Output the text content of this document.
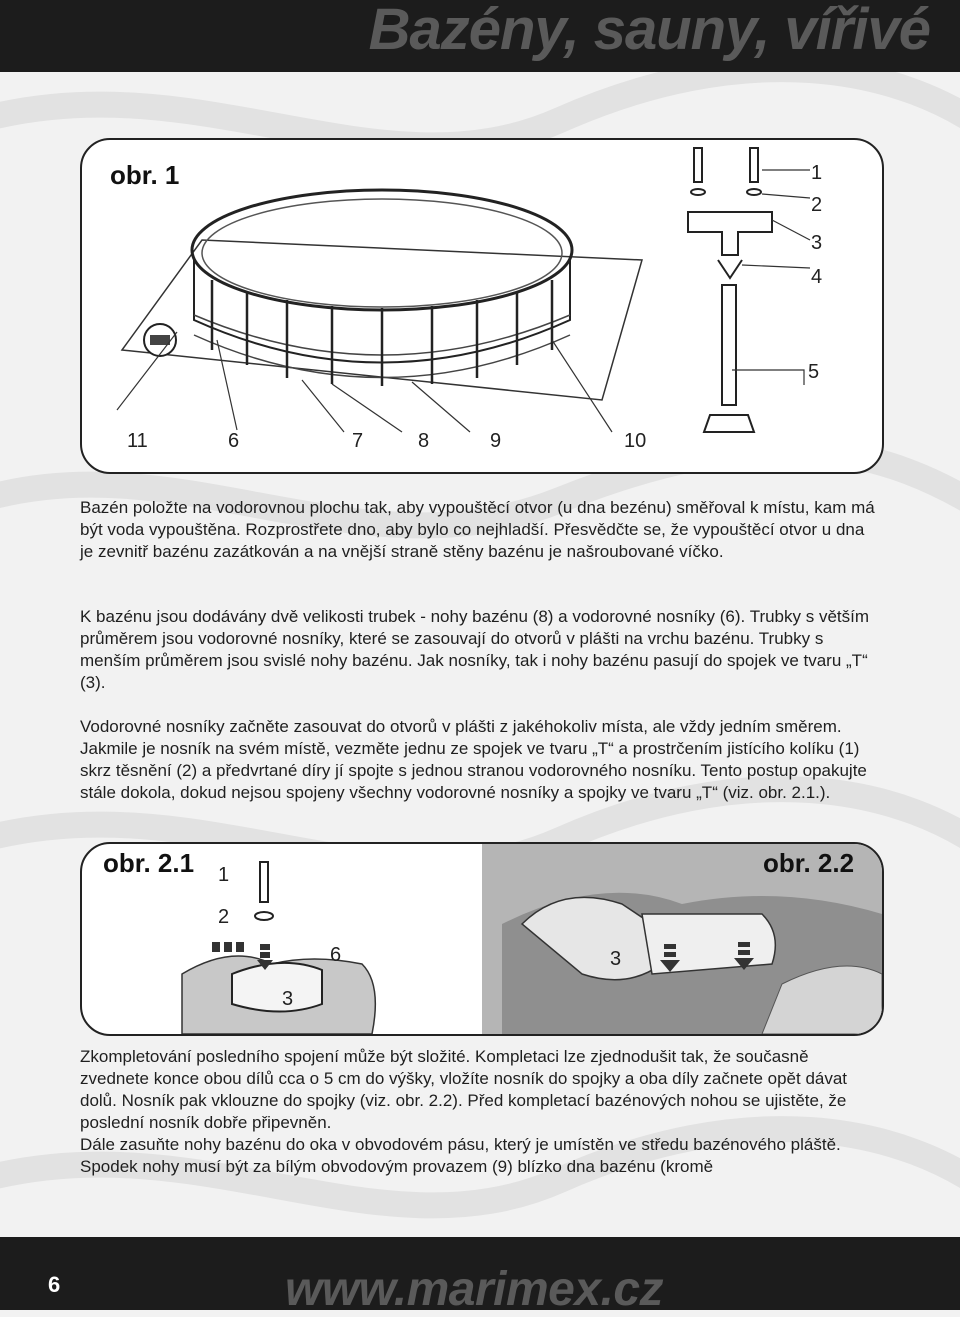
Bazény, sauny, vířivé
obr. 1	1
2
3
4
5
6	7	8	9	10
11

Bazén položte na vodorovnou plochu tak, aby vypouštěcí otvor (u dna bezénu) směřoval k místu, kam má být voda vypouštěna. Rozprostřete dno, aby bylo co nejhladší. Přesvědčte se, že vypouštěcí otvor u dna je zevnitř bazénu zazátkován a na vnější straně stěny bazénu je našroubované víčko.

K bazénu jsou dodávány dvě velikosti trubek - nohy bazénu (8) a vodorovné nosníky (6). Trubky s větším průměrem jsou vodorovné nosníky, které se zasouvají do otvorů v plášti na vrchu bazénu. Trubky s menším průměrem jsou svislé nohy bazénu. Jak nosníky, tak i nohy bazénu pasují do spojek ve tvaru „T“ (3).

Vodorovné nosníky začněte zasouvat do otvorů v plášti z jakéhokoliv místa, ale vždy jedním směrem. Jakmile je nosník na svém místě, vezměte jednu ze spojek ve tvaru „T“ a prostrčením jistícího kolíku (1) skrz těsnění (2) a předvrtané díry jí spojte s jednou stranou vodorovného nosníku. Tento postup opakujte stále dokola, dokud nejsou spojeny všechny vodorovné nosníky a spojky ve tvaru „T“ (viz. obr. 2.1.).

obr. 2.1	obr. 2.2
1
2
6
3
3

Zkompletování posledního spojení může být složité. Kompletaci lze zjednodušit tak, že současně zvednete konce obou dílů cca o 5 cm do výšky, vložíte nosník do spojky a oba díly začnete opět dávat dolů. Nosník pak vklouzne do spojky (viz. obr. 2.2). Před kompletací bazénových nohou se ujistěte, že poslední nosník dobře připevněn.

Dále zasuňte nohy bazénu do oka v obvodovém pásu, který je umístěn ve středu bazénového pláště. Spodek nohy musí být za bílým obvodovým provazem (9) blízko dna bazénu (kromě

6	www.marimex.cz
